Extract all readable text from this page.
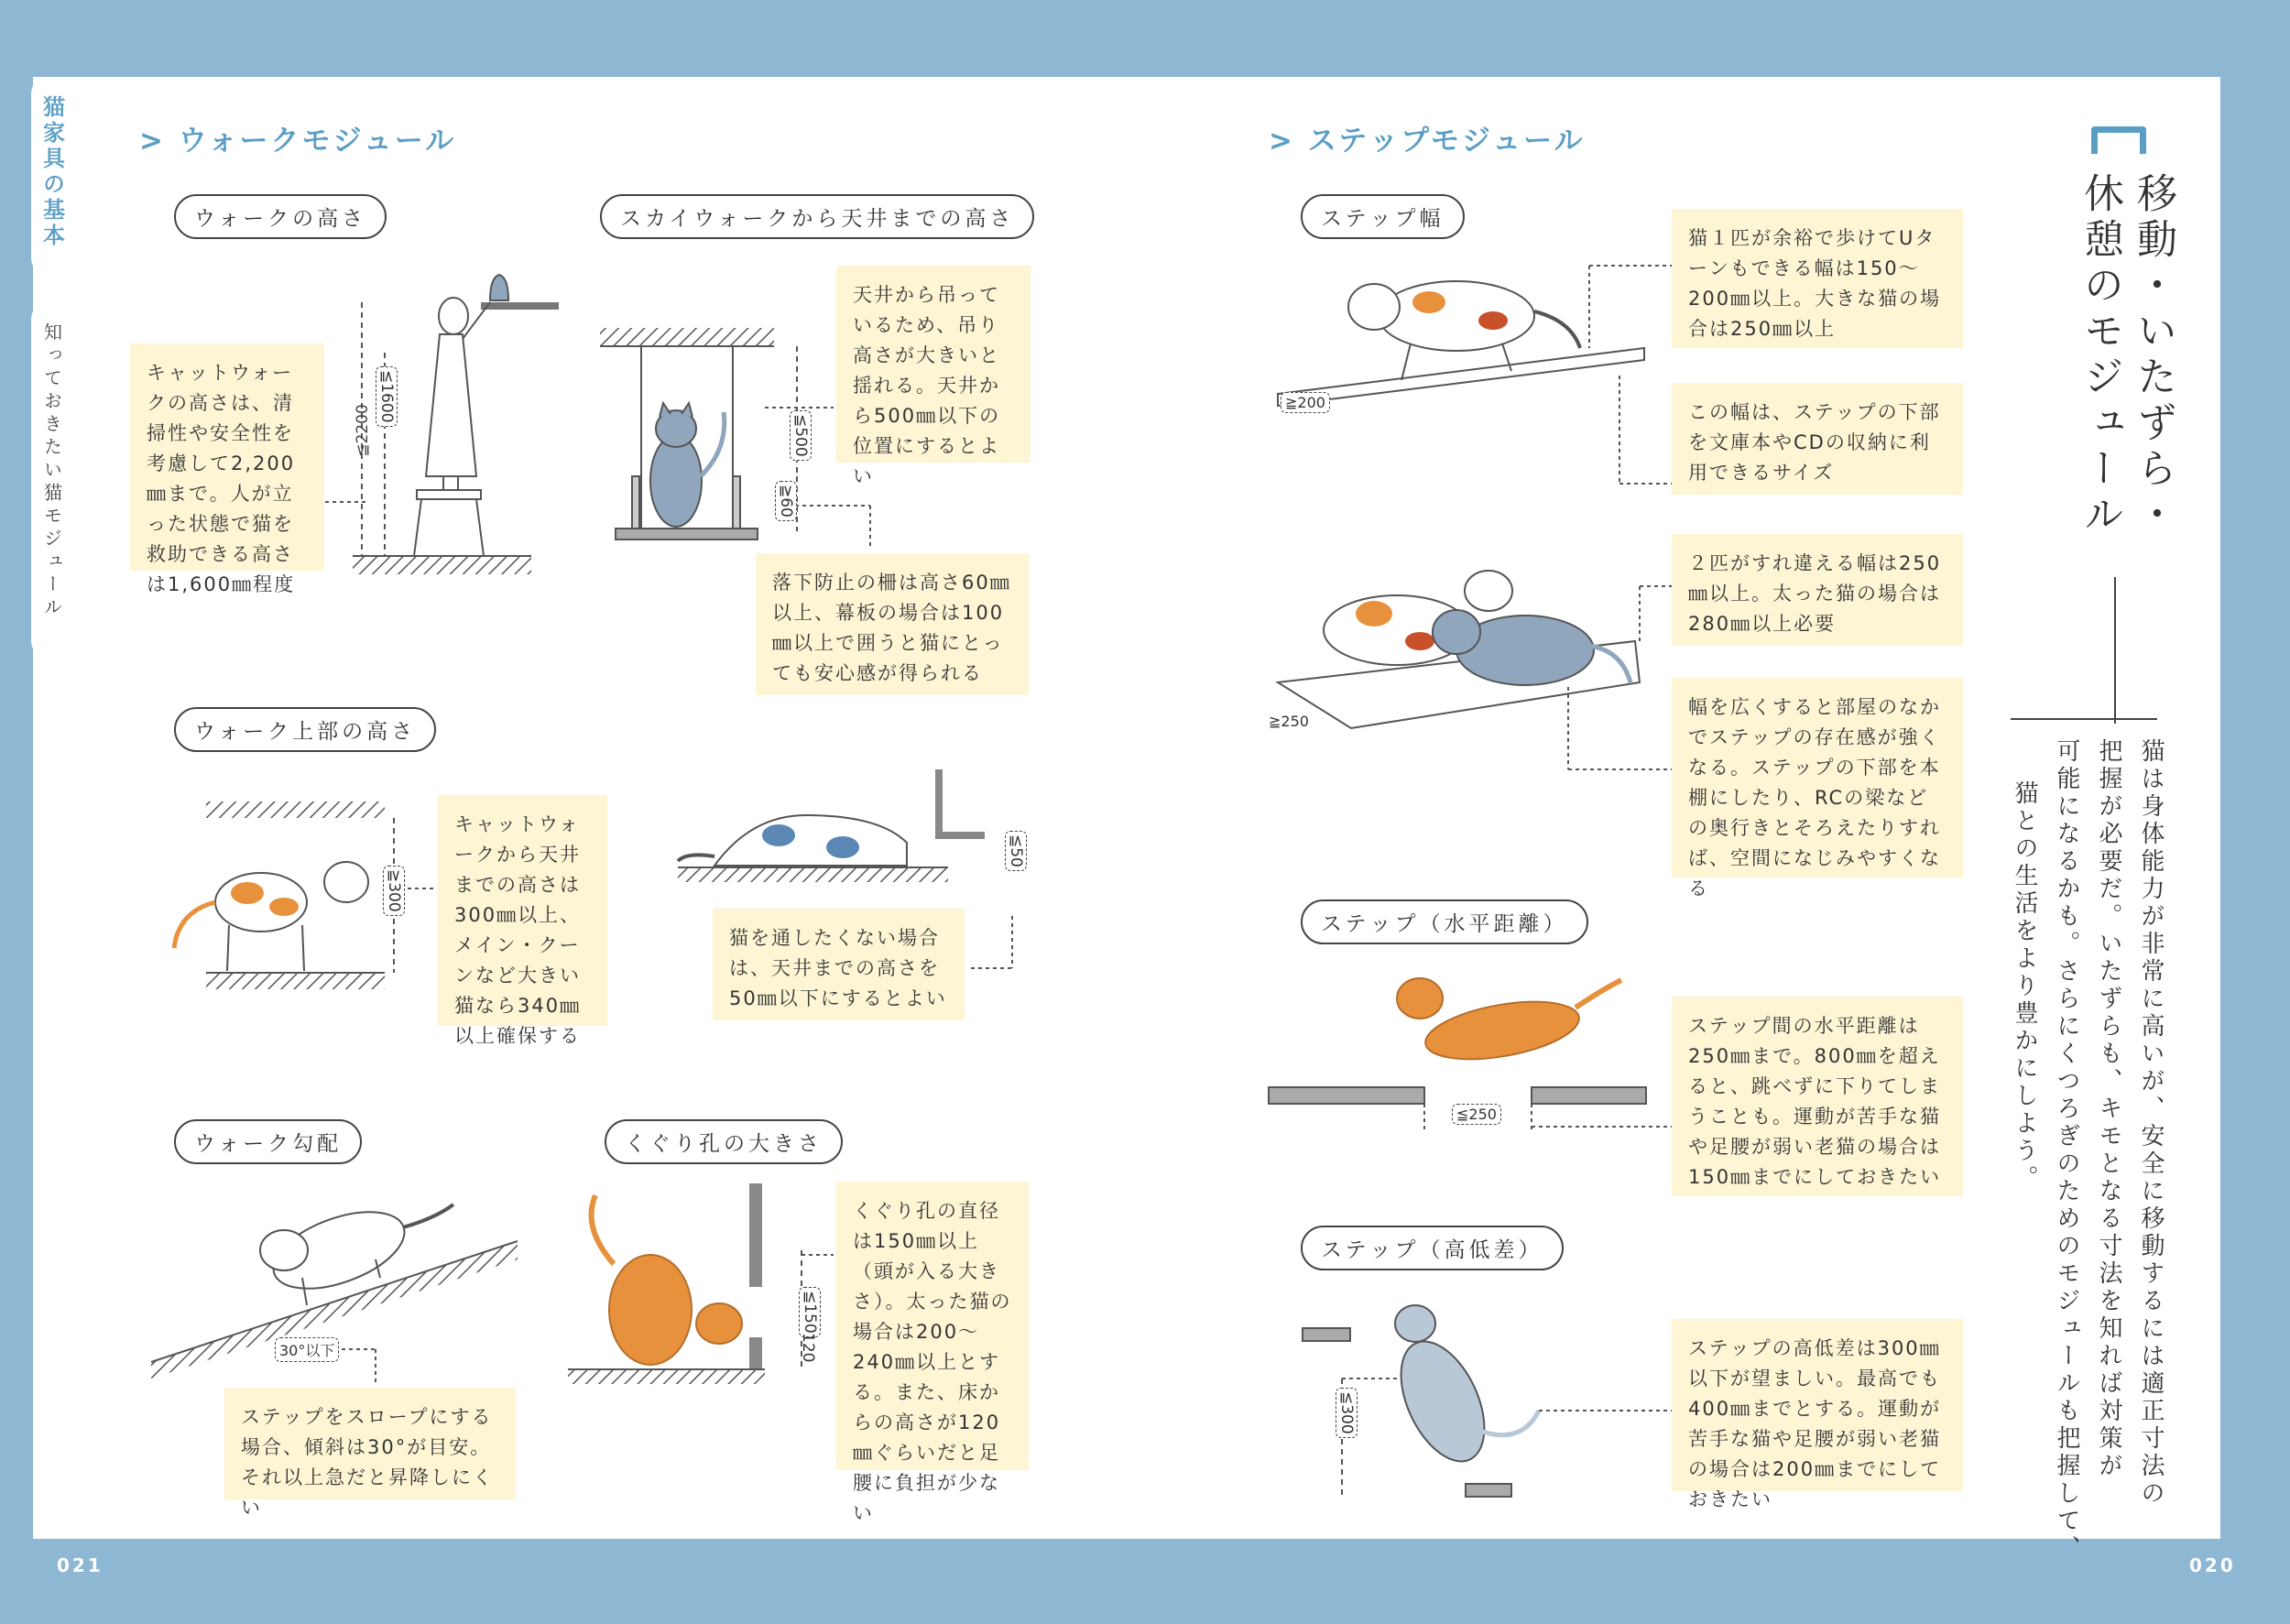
猫家具の基本
知っておきたい猫モジュール
021	020
≦2200	移動・いたずら・
休憩のモジュール
猫は身体能力が非常に高いが、安全に移動するには適正寸法の
把握が必要だ。いたずらも、キモとなる寸法を知れば対策が
可能になるかも。さらにくつろぎのためのモジュールも把握して、
猫との生活をより豊かにしよう。
> ウォークモジュール	> ステップモジュール
ウォークの高さ
キャットウォークの高さは、清掃性や安全性を考慮して2,200㎜まで。人が立った状態で猫を救助できる高さは1,600㎜程度
≦1600
スカイウォークから天井までの高さ
天井から吊っているため、吊り高さが大きいと揺れる。天井から500㎜以下の位置にするとよい
落下防止の柵は高さ60㎜以上、幕板の場合は100㎜以上で囲うと猫にとっても安心感が得られる
≦500
≧60
ウォーク上部の高さ
キャットウォークから天井までの高さは300㎜以上、メイン・クーンなど大きい猫なら340㎜以上確保する
猫を通したくない場合は、天井までの高さを50㎜以下にするとよい
≧300
≦50
ウォーク勾配
ステップをスロープにする場合、傾斜は30°が目安。それ以上急だと昇降しにくい
30°以下
くぐり孔の大きさ
くぐり孔の直径は150㎜以上（頭が入る大きさ）。太った猫の場合は200〜240㎜以上とする。また、床からの高さが120㎜ぐらいだと足腰に負担が少ない
≦150
120
ステップ幅
猫１匹が余裕で歩けてUターンもできる幅は150〜200㎜以上。大きな猫の場合は250㎜以上
この幅は、ステップの下部を文庫本やCDの収納に利用できるサイズ
２匹がすれ違える幅は250㎜以上。太った猫の場合は280㎜以上必要
幅を広くすると部屋のなかでステップの存在感が強くなる。ステップの下部を本棚にしたり、RCの梁などの奥行きとそろえたりすれば、空間になじみやすくなる
≧200
≧250
ステップ（水平距離）
ステップ間の水平距離は250㎜まで。800㎜を超えると、跳べずに下りてしまうことも。運動が苦手な猫や足腰が弱い老猫の場合は150㎜までにしておきたい
≦250
ステップ（高低差）
ステップの高低差は300㎜以下が望ましい。最高でも400㎜までとする。運動が苦手な猫や足腰が弱い老猫の場合は200㎜までにしておきたい
≦300
